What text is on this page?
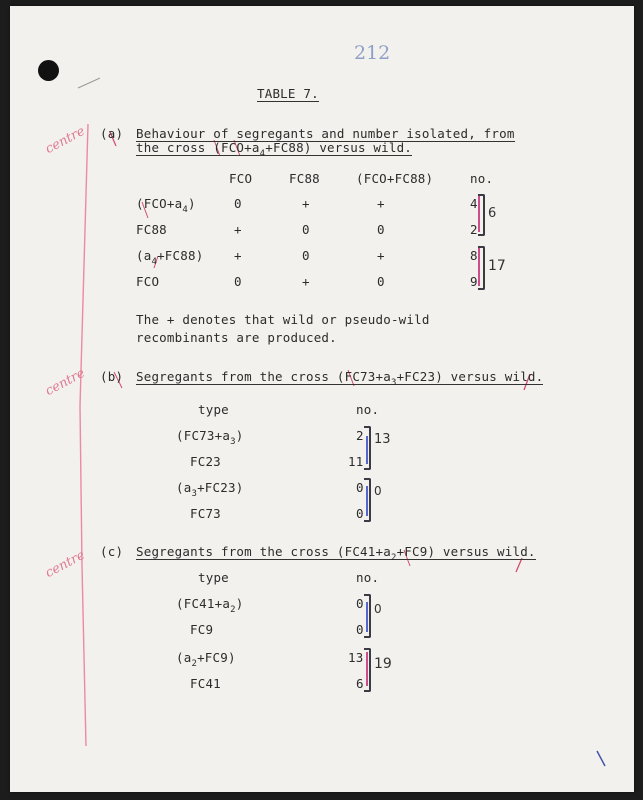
212
TABLE 7.
centre
centre
centre
(a) Behaviour of segregants and number isolated, from
the cross $(FCO+a_4+FC88)$ versus wild.
FCO	FC88	(FCO+FC88)	no.
$(FCO+a_4)$	0	+	+	4
FC88	+	0	0	2
$(a_4+FC88)$ +	0	+	8
FCO	0	+	0	9
6
17
The + denotes that wild or pseudo-wild
recombinants are produced.
(b) Segregants from the cross $(FC73+a_3+FC23)$ versus wild.
type	no.
$(FC73+a_3)$	2
FC23	11
$(a_3+FC23)$	0
FC73	0
13
0
(c) Segregants from the cross $(FC41+a_2+FC9)$ versus wild.
type	no.
$(FC41+a_2)$	0
FC9	0
$(a_2+FC9)$	13
FC41	6
0
19
